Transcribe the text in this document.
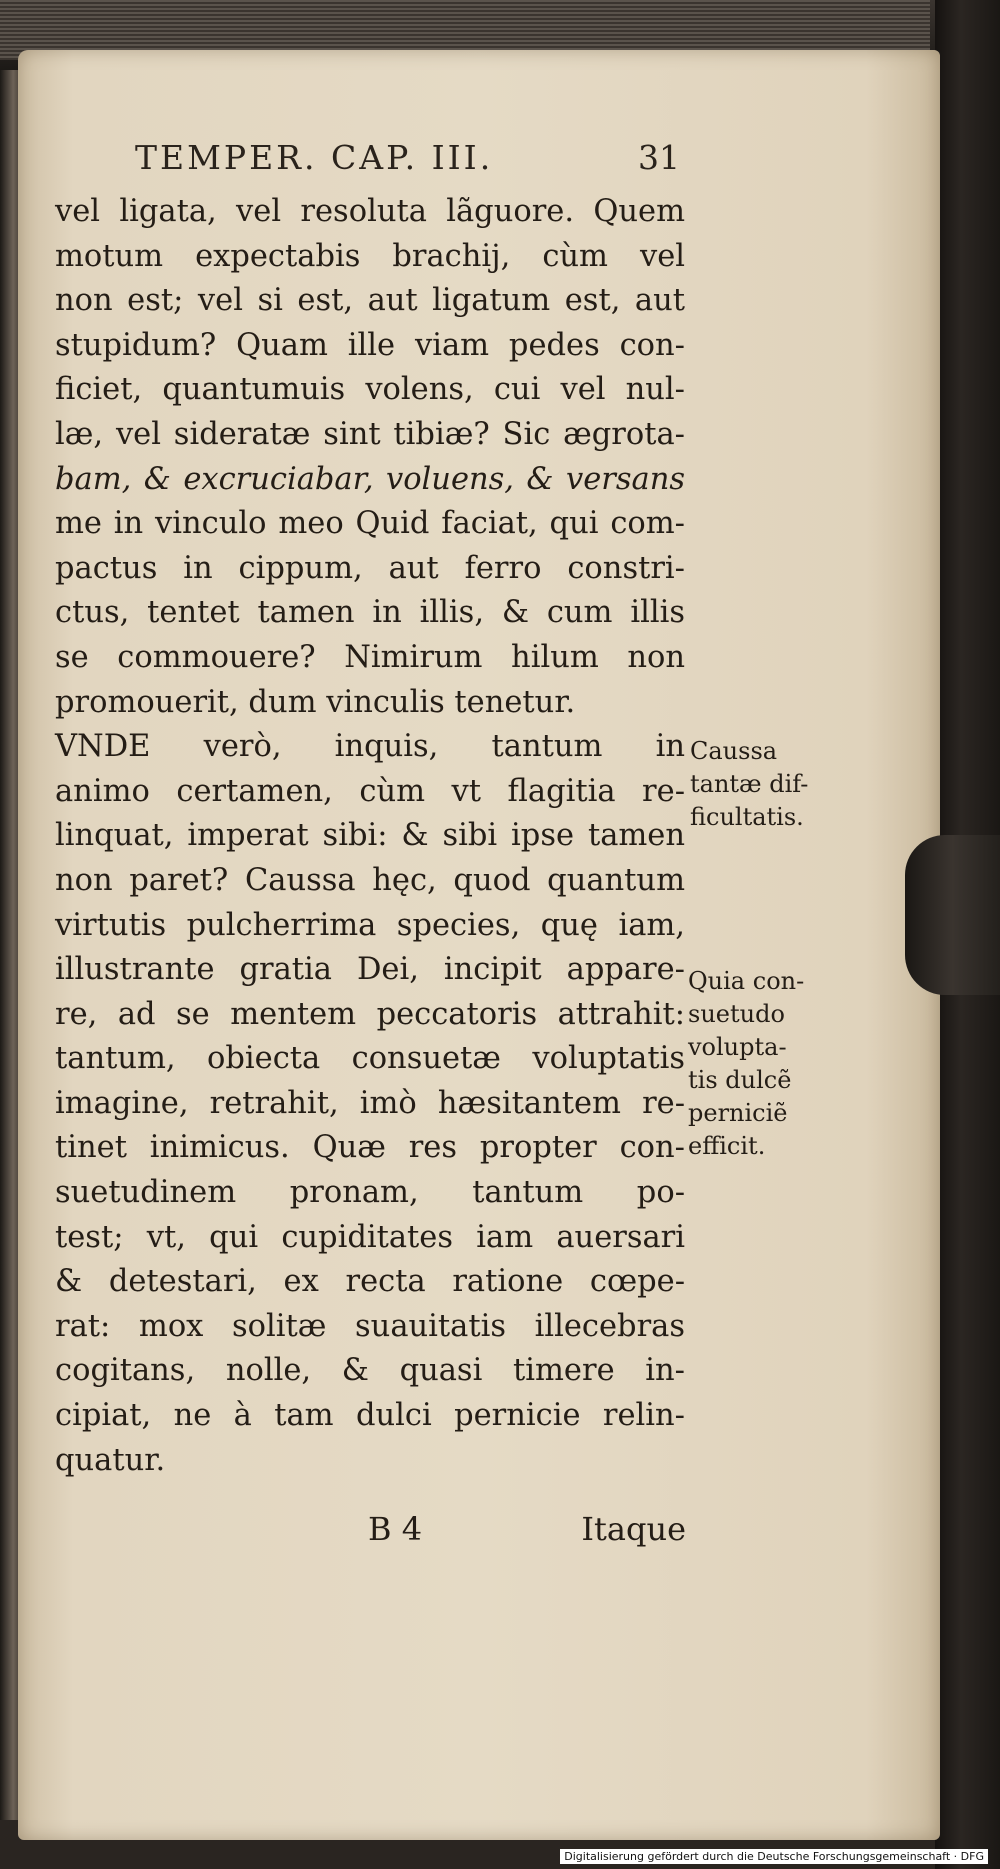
TEMPER. CAP. III.	31
vel ligata, vel resoluta lãguore. Quem
motum expectabis brachij, cùm vel
non est; vel si est, aut ligatum est, aut
stupidum? Quam ille viam pedes con-
ficiet, quantumuis volens, cui vel nul-
læ, vel sideratæ sint tibiæ? Sic ægrota-
bam, & excruciabar, voluens, & versans
me in vinculo meo Quid faciat, qui com-
pactus in cippum, aut ferro constri-
ctus, tentet tamen in illis, & cum illis
se commouere? Nimirum hilum non
promouerit, dum vinculis tenetur.
VNDE verò, inquis, tantum in
animo certamen, cùm vt flagitia re-
linquat, imperat sibi: & sibi ipse tamen
non paret? Caussa hęc, quod quantum
virtutis pulcherrima species, quę iam,
illustrante gratia Dei, incipit appare-
re, ad se mentem peccatoris attrahit:
tantum, obiecta consuetæ voluptatis
imagine, retrahit, imò hæsitantem re-
tinet inimicus. Quæ res propter con-
suetudinem pronam, tantum po-
test; vt, qui cupiditates iam auersari
& detestari, ex recta ratione cœpe-
rat: mox solitæ suauitatis illecebras
cogitans, nolle, & quasi timere in-
cipiat, ne à tam dulci pernicie relin-
quatur.
Caussa
tantæ dif-
ficultatis.
Quia con-
suetudo
volupta-
tis dulcẽ
perniciẽ
efficit.
B 4	Itaque
Digitalisierung gefördert durch die Deutsche Forschungsgemeinschaft · DFG
